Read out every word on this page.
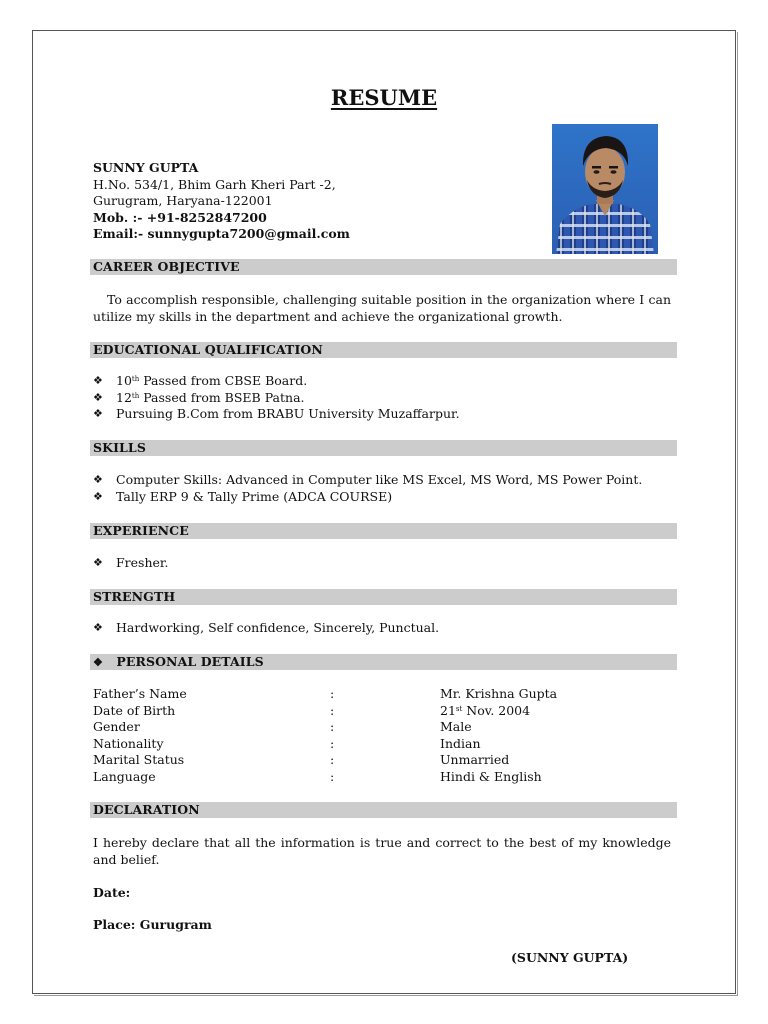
RESUME
SUNNY GUPTA
H.No. 534/1, Bhim Garh Kheri Part -2,
Gurugram, Haryana-122001
Mob. :- +91-8252847200
Email:- sunnygupta7200@gmail.com
CAREER OBJECTIVE
To accomplish responsible, challenging suitable position in the organization where I can utilize my skills in the department and achieve the organizational growth.
EDUCATIONAL QUALIFICATION
❖ 10th Passed from CBSE Board.
❖ 12th Passed from BSEB Patna.
❖ Pursuing B.Com from BRABU University Muzaffarpur.
SKILLS
❖ Computer Skills: Advanced in Computer like MS Excel, MS Word, MS Power Point.
❖ Tally ERP 9 & Tally Prime (ADCA COURSE)
EXPERIENCE
❖ Fresher.
STRENGTH
❖ Hardworking, Self confidence, Sincerely, Punctual.
❖ PERSONAL DETAILS
Father’s Name	:	Mr. Krishna Gupta
Date of Birth	:	21st Nov. 2004
Gender	:	Male
Nationality	:	Indian
Marital Status	:	Unmarried
Language	:	Hindi & English
DECLARATION
I hereby declare that all the information is true and correct to the best of my knowledge and belief.
Date:
Place: Gurugram
(SUNNY GUPTA)
